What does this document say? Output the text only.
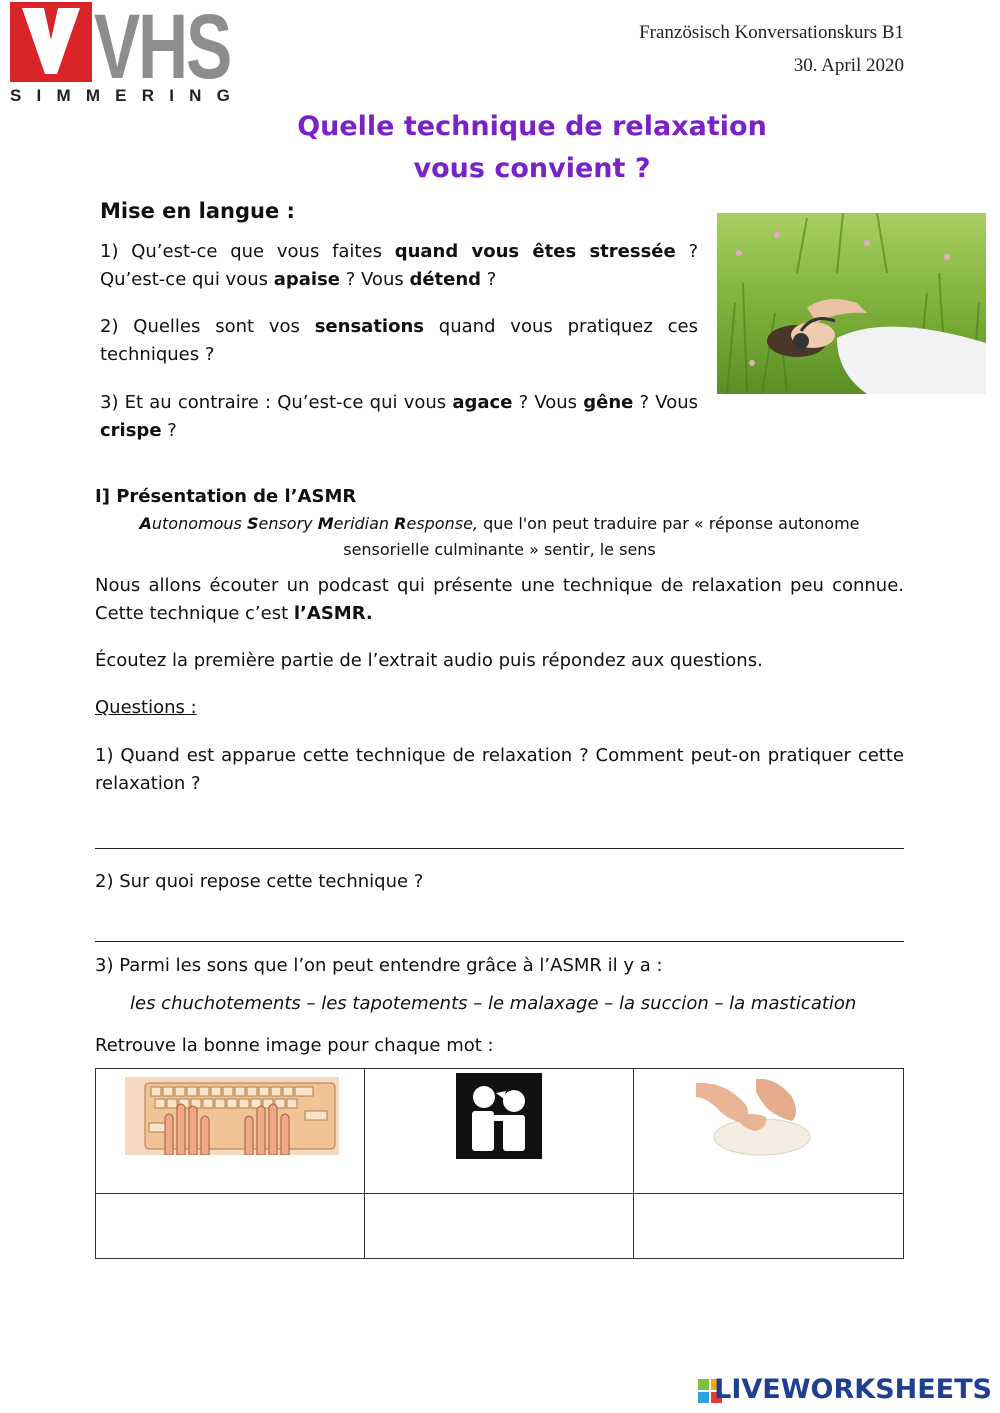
VHS
SIMMERING
Französisch Konversationskurs B1
30. April 2020
Quelle technique de relaxation
vous convient ?
Mise en langue :
1) Qu’est-ce que vous faites quand vous êtes stressée ? Qu’est-ce qui vous apaise ? Vous détend ?
2) Quelles sont vos sensations quand vous pratiquez ces techniques ?
3) Et au contraire : Qu’est-ce qui vous agace ? Vous gêne ? Vous crispe ?
I] Présentation de l’ASMR
Autonomous Sensory Meridian Response, que l'on peut traduire par « réponse autonome
sensorielle culminante » sentir, le sens
Nous allons écouter un podcast qui présente une technique de relaxation peu connue. Cette technique c’est l’ASMR.
Écoutez la première partie de l’extrait audio puis répondez aux questions.
Questions :
1) Quand est apparue cette technique de relaxation ? Comment peut-on pratiquer cette relaxation ?
2) Sur quoi repose cette technique ?
3) Parmi les sons que l’on peut entendre grâce à l’ASMR il y a :
les chuchotements – les tapotements – le malaxage – la succion – la mastication
Retrouve la bonne image pour chaque mot :

LIVEWORKSHEETS
